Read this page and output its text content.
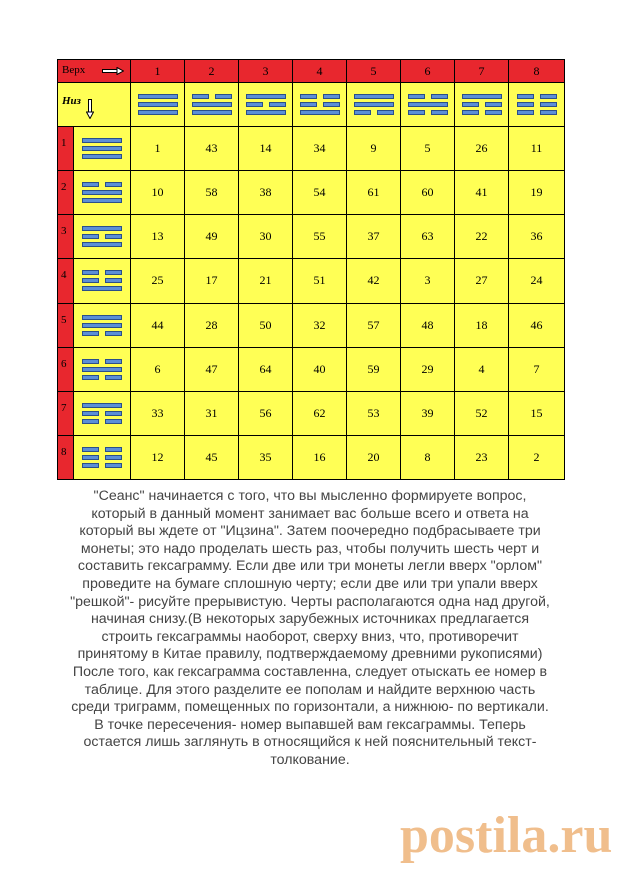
Верх		1	2	3	4	5	6	7	8

Низ									

1		1	43	14	34	9	5	26	11

2		10	58	38	54	61	60	41	19

3		13	49	30	55	37	63	22	36

4		25	17	21	51	42	3	27	24

5		44	28	50	32	57	48	18	46

6		6	47	64	40	59	29	4	7

7		33	31	56	62	53	39	52	15

8		12	45	35	16	20	8	23	2
"Сеанс" начинается с того, что вы мысленно формируете вопрос, который в данный момент занимает вас больше всего и ответа на который вы ждете от "Ицзина". Затем поочередно подбрасываете три монеты; это надо проделать шесть раз, чтобы получить шесть черт и составить гексаграмму. Если две или три монеты легли вверх "орлом" проведите на бумаге сплошную черту; если две или три упали вверх "решкой"- рисуйте прерывистую. Черты располагаются одна над другой, начиная снизу.(В некоторых зарубежных источниках предлагается строить гексаграммы наоборот, сверху вниз, что, противоречит принятому в Китае правилу, подтверждаемому древними рукописями) После того, как гексаграмма составленна, следует отыскать ее номер в таблице. Для этого разделите ее пополам и найдите верхнюю часть среди триграмм, помещенных по горизонтали, а нижнюю- по вертикали. В точке пересечения- номер выпавшей вам гексаграммы. Теперь остается лишь заглянуть в относящийся к ней пояснительный текст-толкование.
postila.ru
